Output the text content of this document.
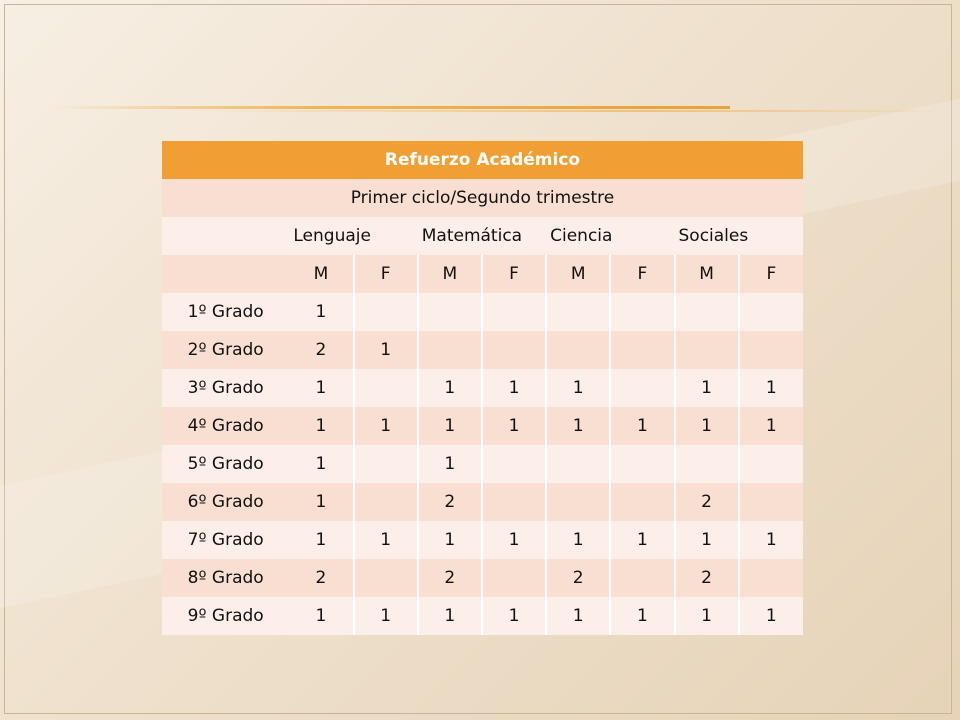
Refuerzo Académico								
Primer ciclo/Segundo trimestre								
	Lenguaje		Matemática		Ciencia		Sociales	
	M	F	M	F	M	F	M	F
1º Grado	1							
2º Grado	2	1						
3º Grado	1		1	1	1		1	1
4º Grado	1	1	1	1	1	1	1	1
5º Grado	1		1					
6º Grado	1		2				2	
7º Grado	1	1	1	1	1	1	1	1
8º Grado	2		2		2		2	
9º Grado	1	1	1	1	1	1	1	1
